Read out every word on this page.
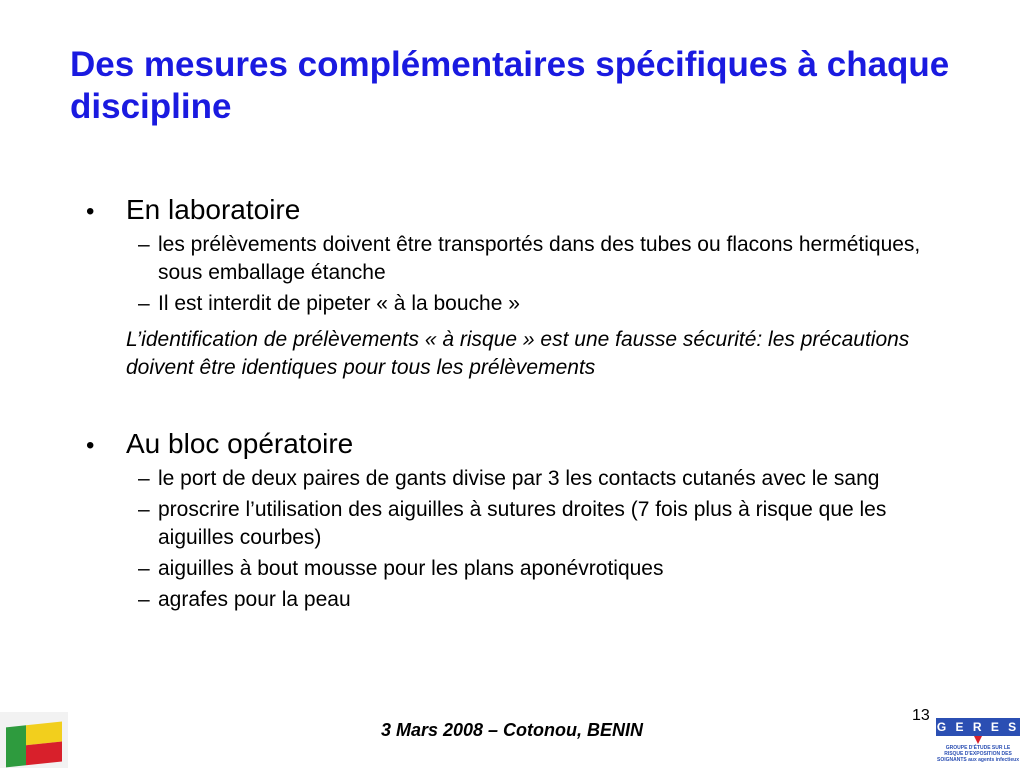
Des mesures complémentaires spécifiques à chaque discipline
•	En laboratoire
– les prélèvements doivent être transportés dans des tubes ou flacons hermétiques, sous emballage étanche
– Il est interdit de pipeter « à la bouche »
L’identification de prélèvements « à risque » est une fausse sécurité: les précautions doivent être identiques pour tous les prélèvements
•	Au bloc opératoire
– le port de deux paires de gants divise par 3 les contacts cutanés avec le sang
– proscrire l’utilisation des aiguilles à sutures droites (7 fois plus à risque que les aiguilles courbes)
– aiguilles à bout mousse pour les plans aponévrotiques
– agrafes pour la peau
3 Mars 2008 – Cotonou, BENIN
13
G E R E S
GROUPE D'ÉTUDE SUR LE RISQUE D'EXPOSITION DES SOIGNANTS aux agents infectieux
